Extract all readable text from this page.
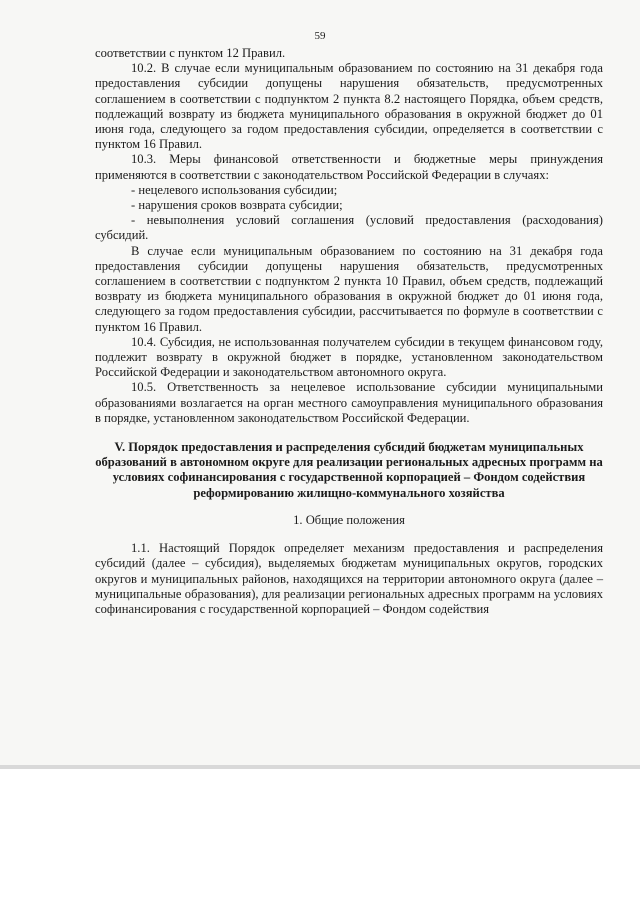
59

соответствии с пунктом 12 Правил.

10.2. В случае если муниципальным образованием по состоянию на 31 декабря года предоставления субсидии допущены нарушения обязательств, предусмотренных соглашением в соответствии с подпунктом 2 пункта 8.2 настоящего Порядка, объем средств, подлежащий возврату из бюджета муниципального образования в окружной бюджет до 01 июня года, следующего за годом предоставления субсидии, определяется в соответствии с пунктом 16 Правил.

10.3. Меры финансовой ответственности и бюджетные меры принуждения применяются в соответствии с законодательством Российской Федерации в случаях:

- нецелевого использования субсидии;

- нарушения сроков возврата субсидии;

- невыполнения условий соглашения (условий предоставления (расходования) субсидий.

В случае если муниципальным образованием по состоянию на 31 декабря года предоставления субсидии допущены нарушения обязательств, предусмотренных соглашением в соответствии с подпунктом 2 пункта 10 Правил, объем средств, подлежащий возврату из бюджета муниципального образования в окружной бюджет до 01 июня года, следующего за годом предоставления субсидии, рассчитывается по формуле в соответствии с пунктом 16 Правил.

10.4. Субсидия, не использованная получателем субсидии в текущем финансовом году, подлежит возврату в окружной бюджет в порядке, установленном законодательством Российской Федерации и законодательством автономного округа.

10.5. Ответственность за нецелевое использование субсидии муниципальными образованиями возлагается на орган местного самоуправления муниципального образования в порядке, установленном законодательством Российской Федерации.

V. Порядок предоставления и распределения субсидий бюджетам муниципальных образований в автономном округе для реализации региональных адресных программ на условиях софинансирования с государственной корпорацией – Фондом содействия реформированию жилищно-коммунального хозяйства
1. Общие положения

1.1. Настоящий Порядок определяет механизм предоставления и распределения субсидий (далее – субсидия), выделяемых бюджетам муниципальных округов, городских округов и муниципальных районов, находящихся на территории автономного округа (далее – муниципальные образования), для реализации региональных адресных программ на условиях софинансирования с государственной корпорацией – Фондом содействия
